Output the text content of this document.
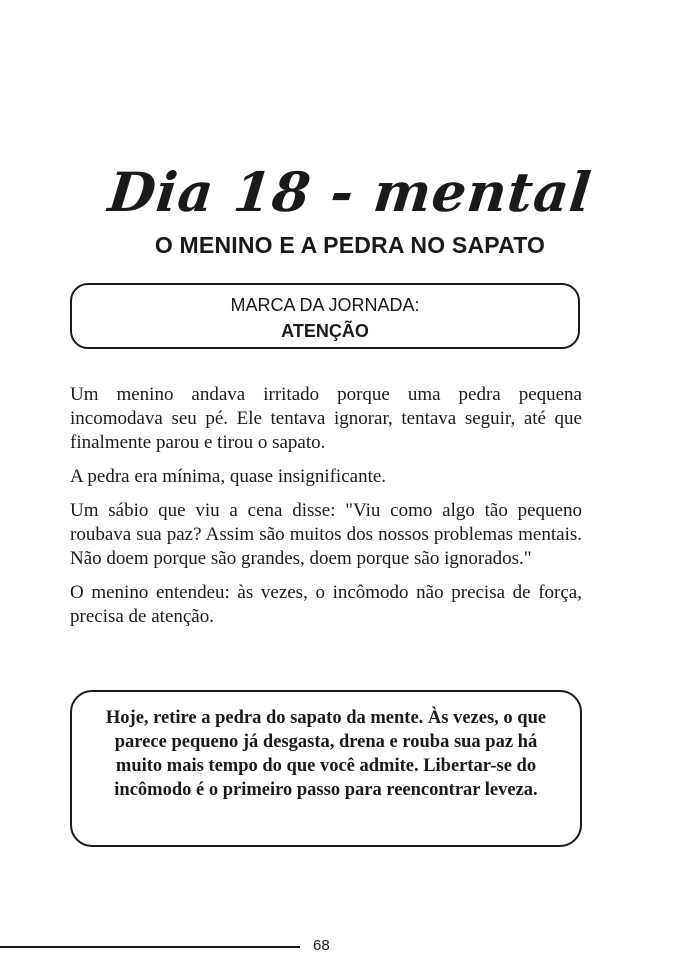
Dia 18 - mental
O MENINO E A PEDRA NO SAPATO
MARCA DA JORNADA:
ATENÇÃO

Um menino andava irritado porque uma pedra pequena incomodava seu pé. Ele tentava ignorar, tentava seguir, até que finalmente parou e tirou o sapato.

A pedra era mínima, quase insignificante.

Um sábio que viu a cena disse: "Viu como algo tão pequeno roubava sua paz? Assim são muitos dos nossos problemas mentais. Não doem porque são grandes, doem porque são ignorados."

O menino entendeu: às vezes, o incômodo não precisa de força, precisa de atenção.

Hoje, retire a pedra do sapato da mente. Às vezes, o que parece pequeno já desgasta, drena e rouba sua paz há muito mais tempo do que você admite. Libertar-se do incômodo é o primeiro passo para reencontrar leveza.
68
